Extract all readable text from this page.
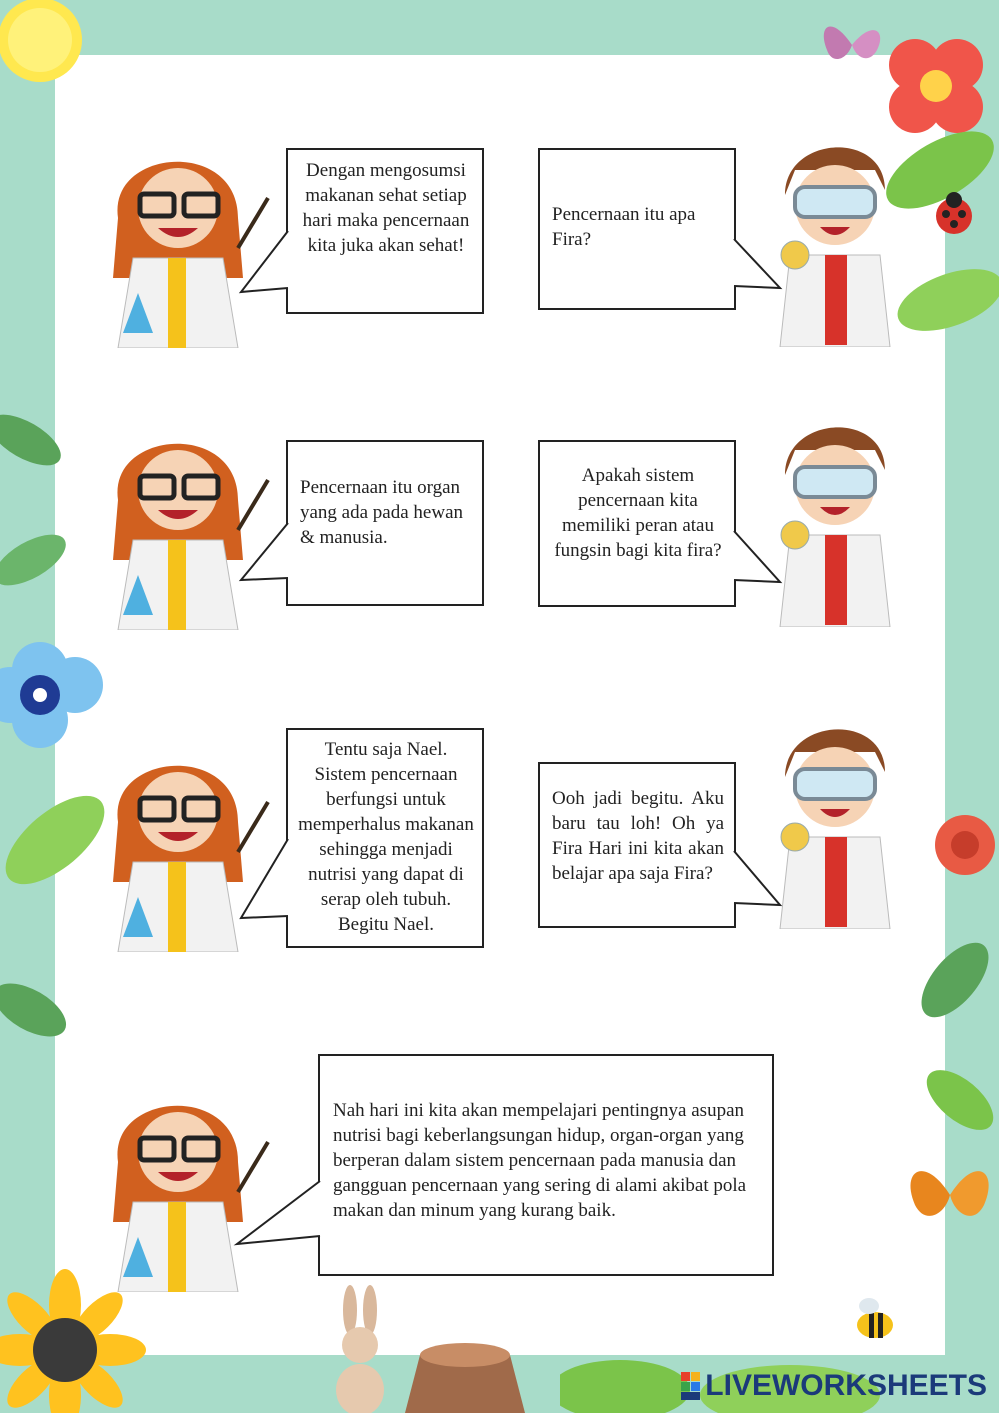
Dengan mengosumsi makanan sehat setiap hari maka pencernaan kita juka akan sehat!
Pencernaan itu apa Fira?
Pencernaan itu organ yang ada pada hewan & manusia.
Apakah sistem pencernaan kita memiliki peran atau fungsin bagi kita fira?
Tentu saja Nael. Sistem pencernaan berfungsi untuk memperhalus makanan sehingga menjadi nutrisi yang dapat di serap oleh tubuh. Begitu Nael.
Ooh jadi begitu. Aku baru tau loh! Oh ya Fira Hari ini kita akan belajar apa saja Fira?
Nah hari ini kita akan mempelajari pentingnya asupan nutrisi bagi keberlangsungan hidup, organ-organ yang berperan dalam sistem pencernaan pada manusia dan gangguan pencernaan yang sering di alami akibat pola makan dan minum yang kurang baik.
LIVEWORKSHEETS
